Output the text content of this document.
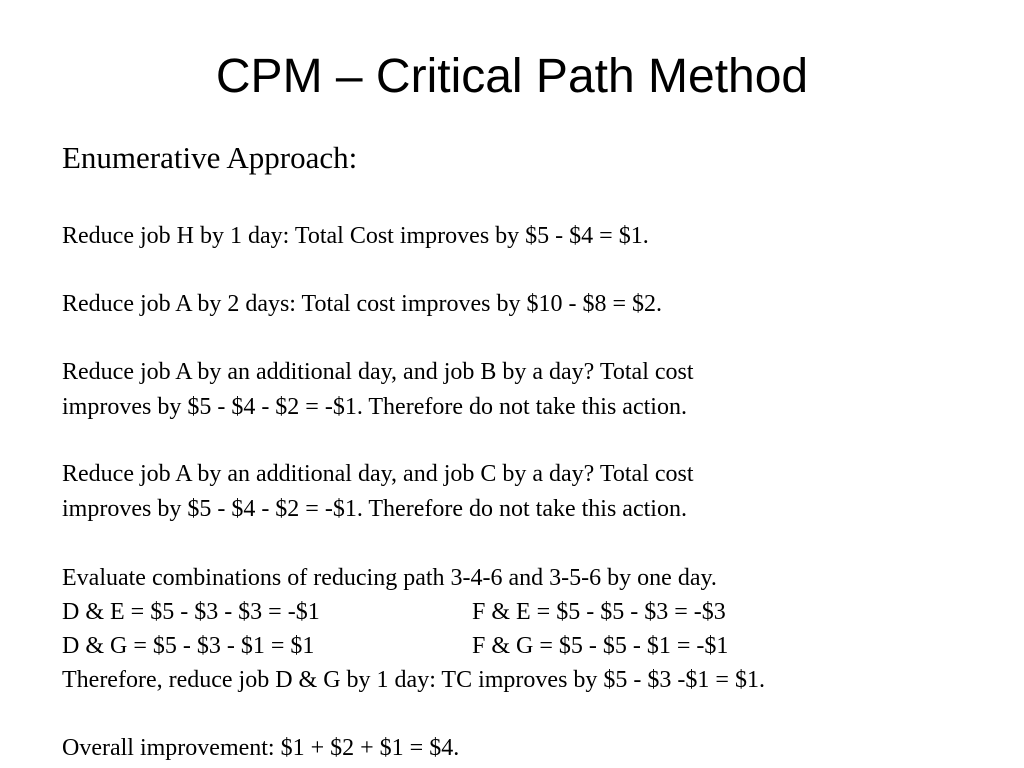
CPM – Critical Path Method
Enumerative Approach:
Reduce job H by 1 day: Total Cost improves by $5 - $4 = $1.
Reduce job A by 2 days: Total cost improves by $10 - $8 = $2.
Reduce job A by an additional day, and job B by a day? Total cost
improves by $5 - $4 - $2 = -$1. Therefore do not take this action.
Reduce job A by an additional day, and job C by a day? Total cost
improves by $5 - $4 - $2 = -$1. Therefore do not take this action.
Evaluate combinations of reducing path 3-4-6 and 3-5-6 by one day.
D & E = $5 - $3 - $3 = -$1	F & E = $5 - $5 - $3 = -$3
D & G = $5 - $3 - $1 = $1	F & G = $5 - $5 - $1 = -$1
Therefore, reduce job D & G by 1 day: TC improves by $5 - $3 -$1 = $1.
Overall improvement: $1 + $2 + $1 = $4.
